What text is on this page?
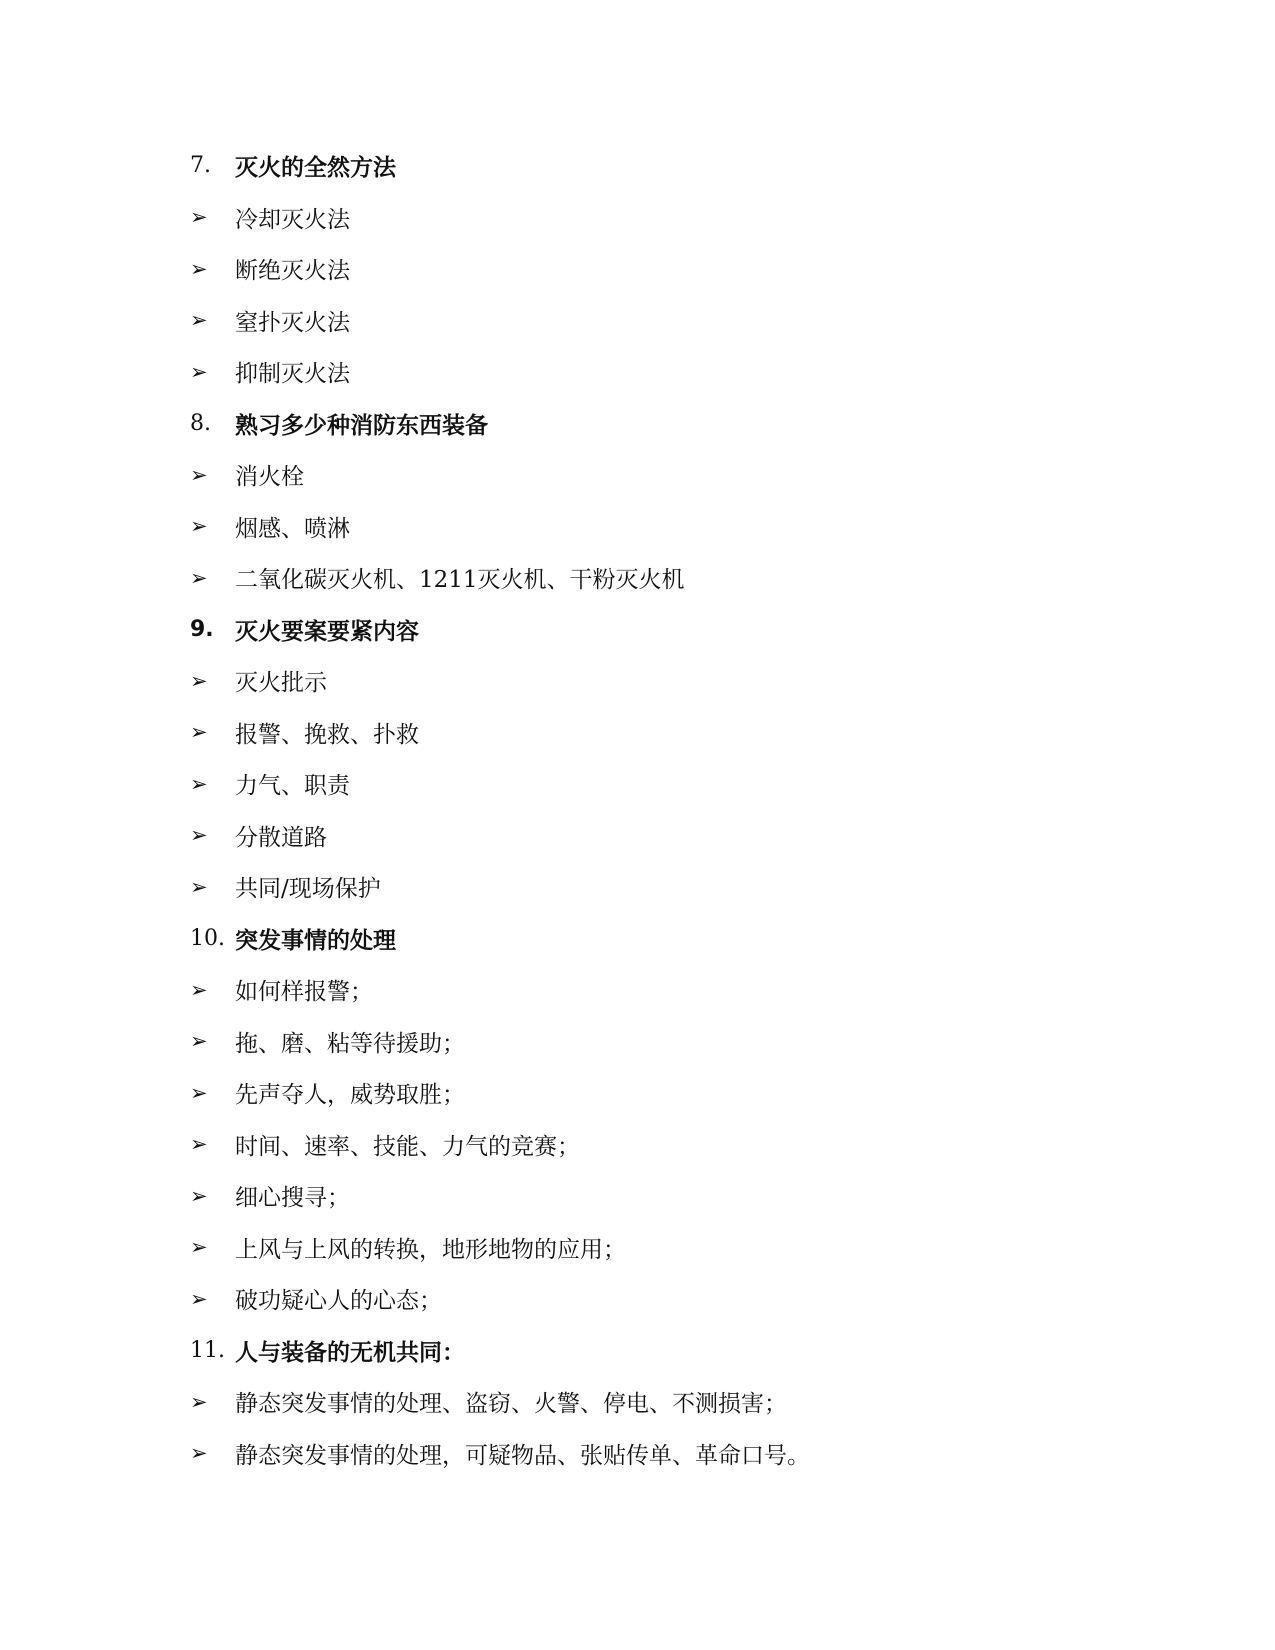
7.	灭火的全然方法
➢	冷却灭火法
➢	断绝灭火法
➢	窒扑灭火法
➢	抑制灭火法
8.	熟习多少种消防东西装备
➢	消火栓
➢	烟感、喷淋
➢	二氧化碳灭火机、1211灭火机、干粉灭火机
9. 灭火要案要紧内容
➢	灭火批示
➢	报警、挽救、扑救
➢	力气、职责
➢	分散道路
➢	共同/现场保护
10. 突发事情的处理
➢	如何样报警；
➢	拖、磨、粘等待援助；
➢	先声夺人，威势取胜；
➢	时间、速率、技能、力气的竞赛；
➢	细心搜寻；
➢	上风与上风的转换，地形地物的应用；
➢	破功疑心人的心态；
11. 人与装备的无机共同：
➢	静态突发事情的处理、盗窃、火警、停电、不测损害；
➢	静态突发事情的处理，可疑物品、张贴传单、革命口号。
